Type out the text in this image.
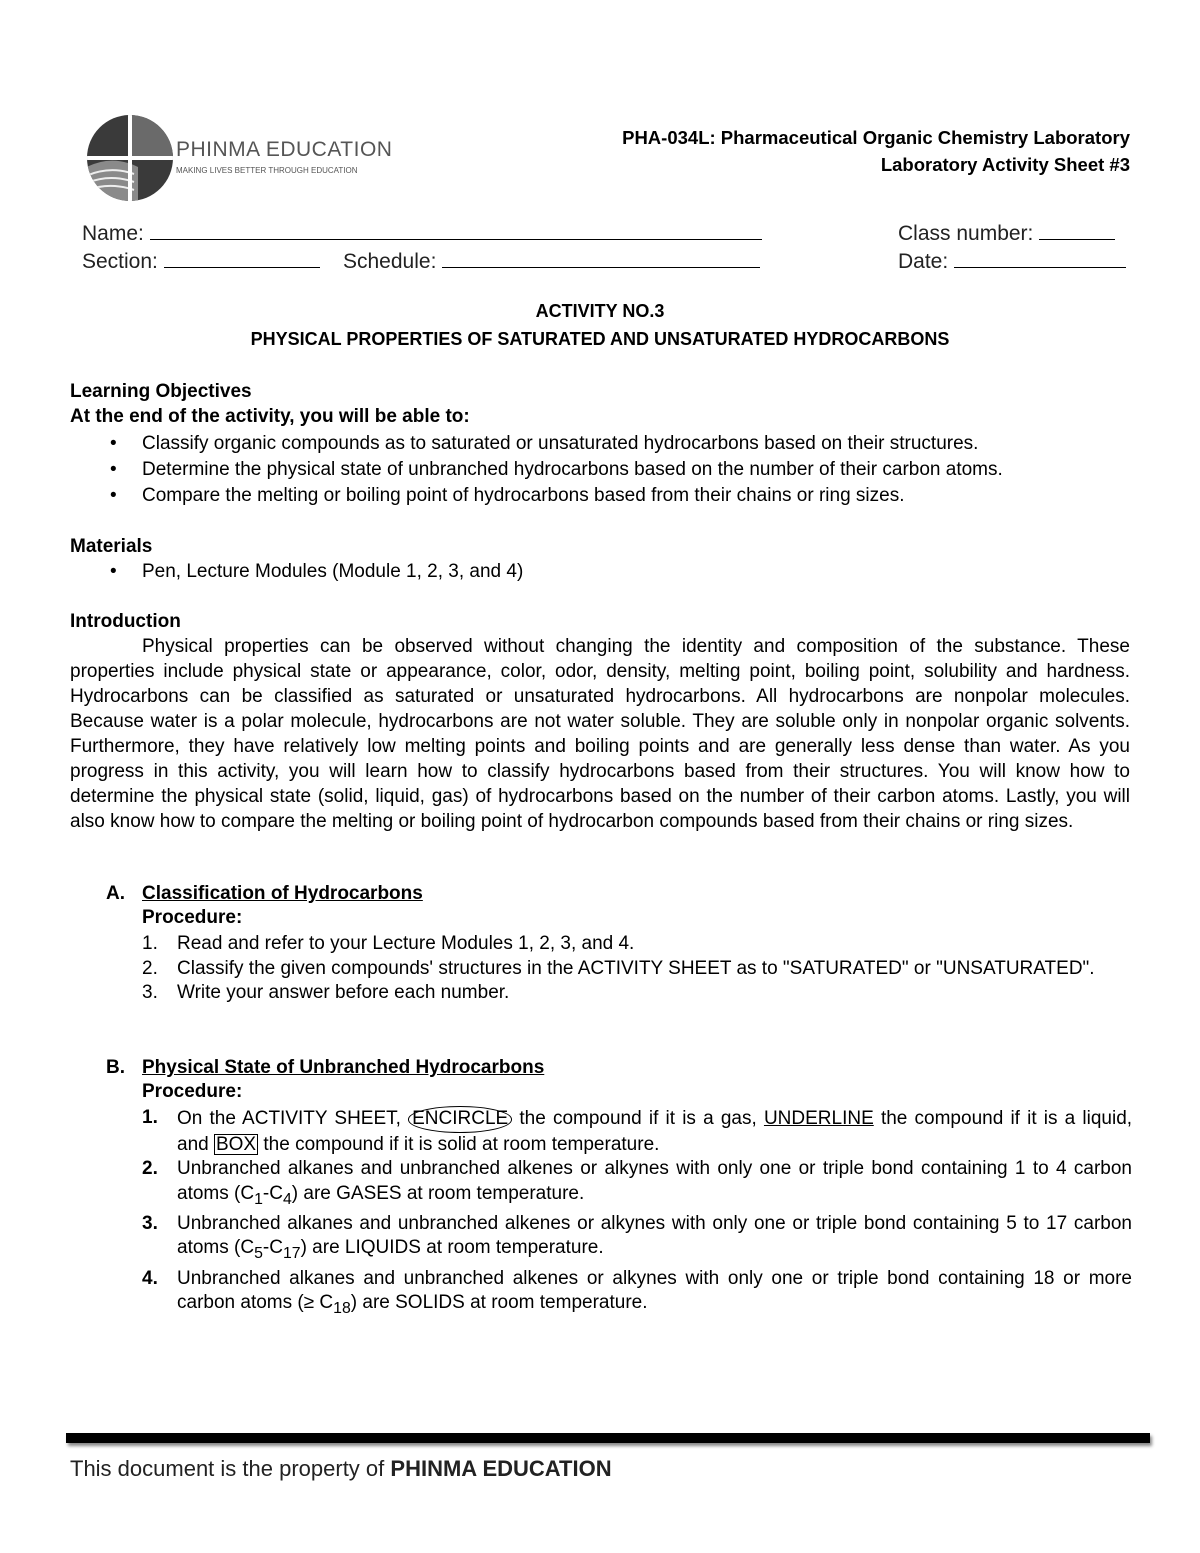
PHINMA EDUCATION
MAKING LIVES BETTER THROUGH EDUCATION
PHA-034L: Pharmaceutical Organic Chemistry Laboratory
Laboratory Activity Sheet #3
Name:	Class number:
Section:	Schedule:	Date:
ACTIVITY NO.3
PHYSICAL PROPERTIES OF SATURATED AND UNSATURATED HYDROCARBONS
Learning Objectives
At the end of the activity, you will be able to:
• Classify organic compounds as to saturated or unsaturated hydrocarbons based on their structures.
• Determine the physical state of unbranched hydrocarbons based on the number of their carbon atoms.
• Compare the melting or boiling point of hydrocarbons based from their chains or ring sizes.
Materials
• Pen, Lecture Modules (Module 1, 2, 3, and 4)
Introduction
Physical properties can be observed without changing the identity and composition of the substance. These properties include physical state or appearance, color, odor, density, melting point, boiling point, solubility and hardness. Hydrocarbons can be classified as saturated or unsaturated hydrocarbons. All hydrocarbons are nonpolar molecules. Because water is a polar molecule, hydrocarbons are not water soluble. They are soluble only in nonpolar organic solvents. Furthermore, they have relatively low melting points and boiling points and are generally less dense than water. As you progress in this activity, you will learn how to classify hydrocarbons based from their structures. You will know how to determine the physical state (solid, liquid, gas) of hydrocarbons based on the number of their carbon atoms. Lastly, you will also know how to compare the melting or boiling point of hydrocarbon compounds based from their chains or ring sizes.
A. Classification of Hydrocarbons
Procedure:
1. Read and refer to your Lecture Modules 1, 2, 3, and 4.
2. Classify the given compounds' structures in the ACTIVITY SHEET as to "SATURATED" or "UNSATURATED".
3. Write your answer before each number.
B. Physical State of Unbranched Hydrocarbons
Procedure:
1. On the ACTIVITY SHEET, ENCIRCLE the compound if it is a gas, UNDERLINE the compound if it is a liquid, and BOX the compound if it is solid at room temperature.
2. Unbranched alkanes and unbranched alkenes or alkynes with only one or triple bond containing 1 to 4 carbon atoms $(C_1-C_4)$ are GASES at room temperature.
3. Unbranched alkanes and unbranched alkenes or alkynes with only one or triple bond containing 5 to 17 carbon atoms $(C_5-C_{17})$ are LIQUIDS at room temperature.
4. Unbranched alkanes and unbranched alkenes or alkynes with only one or triple bond containing 18 or more carbon atoms (≥ $C_{18}$) are SOLIDS at room temperature.
This document is the property of PHINMA EDUCATION
